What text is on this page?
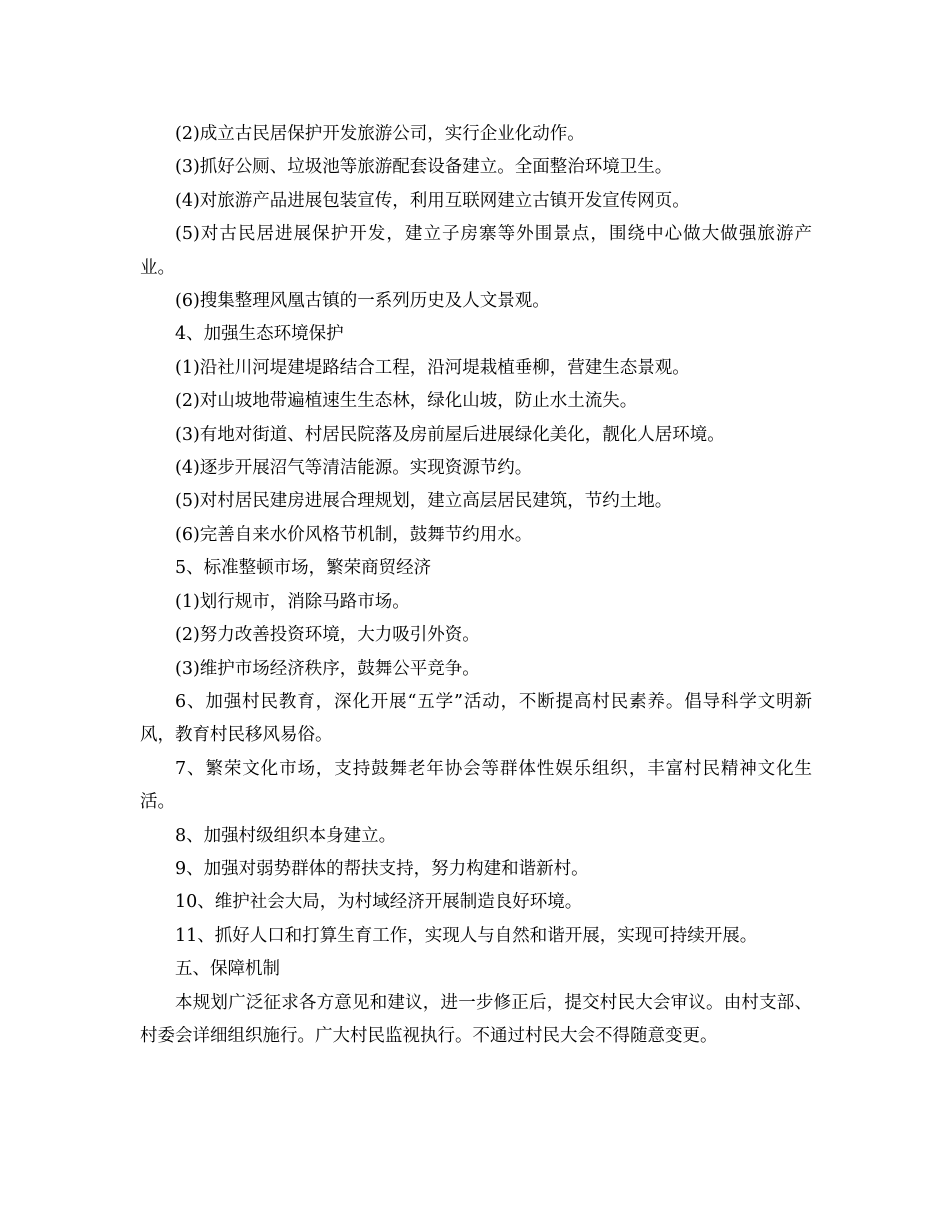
(2)成立古民居保护开发旅游公司，实行企业化动作。

(3)抓好公厕、垃圾池等旅游配套设备建立。全面整治环境卫生。

(4)对旅游产品进展包装宣传，利用互联网建立古镇开发宣传网页。

(5)对古民居进展保护开发，建立子房寨等外围景点，围绕中心做大做强旅游产业。

(6)搜集整理风凰古镇的一系列历史及人文景观。

4、加强生态环境保护

(1)沿社川河堤建堤路结合工程，沿河堤栽植垂柳，营建生态景观。

(2)对山坡地带遍植速生生态林，绿化山坡，防止水土流失。

(3)有地对街道、村居民院落及房前屋后进展绿化美化，靓化人居环境。

(4)逐步开展沼气等清洁能源。实现资源节约。

(5)对村居民建房进展合理规划，建立高层居民建筑，节约土地。

(6)完善自来水价风格节机制，鼓舞节约用水。

5、标准整顿市场，繁荣商贸经济

(1)划行规市，消除马路市场。

(2)努力改善投资环境，大力吸引外资。

(3)维护市场经济秩序，鼓舞公平竞争。

6、加强村民教育，深化开展“五学”活动，不断提高村民素养。倡导科学文明新风，教育村民移风易俗。

7、繁荣文化市场，支持鼓舞老年协会等群体性娱乐组织，丰富村民精神文化生活。

8、加强村级组织本身建立。

9、加强对弱势群体的帮扶支持，努力构建和谐新村。

10、维护社会大局，为村域经济开展制造良好环境。

11、抓好人口和打算生育工作，实现人与自然和谐开展，实现可持续开展。

五、保障机制

本规划广泛征求各方意见和建议，进一步修正后，提交村民大会审议。由村支部、村委会详细组织施行。广大村民监视执行。不通过村民大会不得随意变更。
